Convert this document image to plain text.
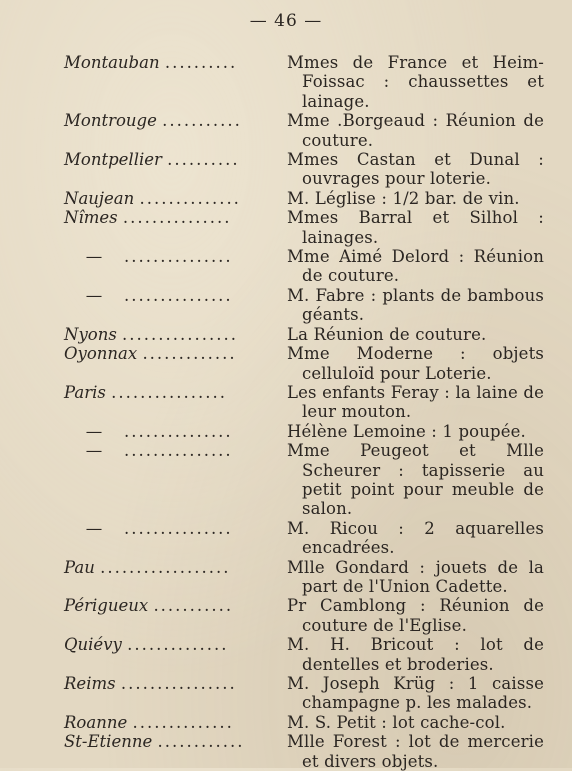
— 46 —
Montauban ..........	Mmes de France et Heim-Foissac : chaussettes et lainage.
Montrouge ...........	Mme .Borgeaud : Réunion de couture.
Montpellier ..........	Mmes Castan et Dunal : ouvrages pour loterie.
Naujean ..............	M. Léglise : 1/2 bar. de vin.
Nîmes ...............	Mmes Barral et Silhol : lainages.
— ...............	Mme Aimé Delord : Réunion de couture.
— ...............	M. Fabre : plants de bambous géants.
Nyons ................	La Réunion de couture.
Oyonnax .............	Mme Moderne : objets celluloïd pour Loterie.
Paris ................	Les enfants Feray : la laine de leur mouton.
— ...............	Hélène Lemoine : 1 poupée.
— ...............	Mme Peugeot et Mlle Scheurer : tapisserie au petit point pour meuble de salon.
— ...............	M. Ricou : 2 aquarelles encadrées.
Pau ..................	Mlle Gondard : jouets de la part de l'Union Cadette.
Périgueux ...........	Pr Camblong : Réunion de couture de l'Eglise.
Quiévy ..............	M. H. Bricout : lot de dentelles et broderies.
Reims ................	M. Joseph Krüg : 1 caisse champagne p. les malades.
Roanne ..............	M. S. Petit : lot cache-col.
St-Etienne ............	Mlle Forest : lot de mercerie et divers objets.
